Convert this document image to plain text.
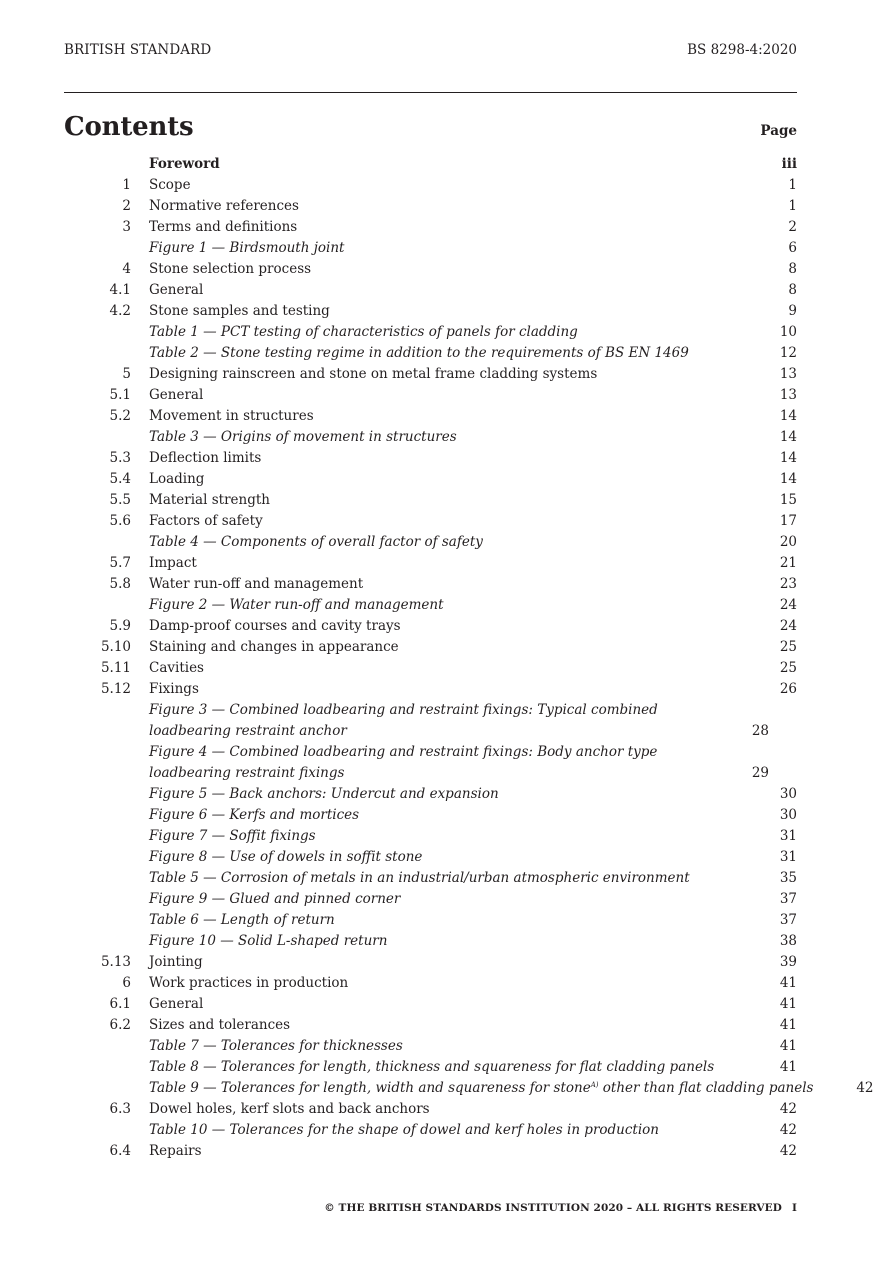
BRITISH STANDARD	BS 8298-4:2020
Contents	Page
Foreword	iii
1 Scope	1
2 Normative references	1
3 Terms and definitions	2
Figure 1 — Birdsmouth joint	6
4 Stone selection process	8
4.1 General	8
4.2 Stone samples and testing	9
Table 1 — PCT testing of characteristics of panels for cladding	10
Table 2 — Stone testing regime in addition to the requirements of BS EN 1469	12
5 Designing rainscreen and stone on metal frame cladding systems	13
5.1 General	13
5.2 Movement in structures	14
Table 3 — Origins of movement in structures	14
5.3 Deflection limits	14
5.4 Loading	14
5.5 Material strength	15
5.6 Factors of safety	17
Table 4 — Components of overall factor of safety	20
5.7 Impact	21
5.8 Water run-off and management	23
Figure 2 — Water run-off and management	24
5.9 Damp-proof courses and cavity trays	24
5.10 Staining and changes in appearance	25
5.11 Cavities	25
5.12 Fixings	26
Figure 3 — Combined loadbearing and restraint fixings: Typical combined loadbearing restraint anchor	28
Figure 4 — Combined loadbearing and restraint fixings: Body anchor type loadbearing restraint fixings	29
Figure 5 — Back anchors: Undercut and expansion	30
Figure 6 — Kerfs and mortices	30
Figure 7 — Soffit fixings	31
Figure 8 — Use of dowels in soffit stone	31
Table 5 — Corrosion of metals in an industrial/urban atmospheric environment	35
Figure 9 — Glued and pinned corner	37
Table 6 — Length of return	37
Figure 10 — Solid L-shaped return	38
5.13 Jointing	39
6 Work practices in production	41
6.1 General	41
6.2 Sizes and tolerances	41
Table 7 — Tolerances for thicknesses	41
Table 8 — Tolerances for length, thickness and squareness for flat cladding panels	41
Table 9 — Tolerances for length, width and squareness for stone$^{A)}$ other than flat cladding panels	42
6.3 Dowel holes, kerf slots and back anchors	42
Table 10 — Tolerances for the shape of dowel and kerf holes in production	42
6.4 Repairs	42
© THE BRITISH STANDARDS INSTITUTION 2020 – ALL RIGHTS RESERVED I
